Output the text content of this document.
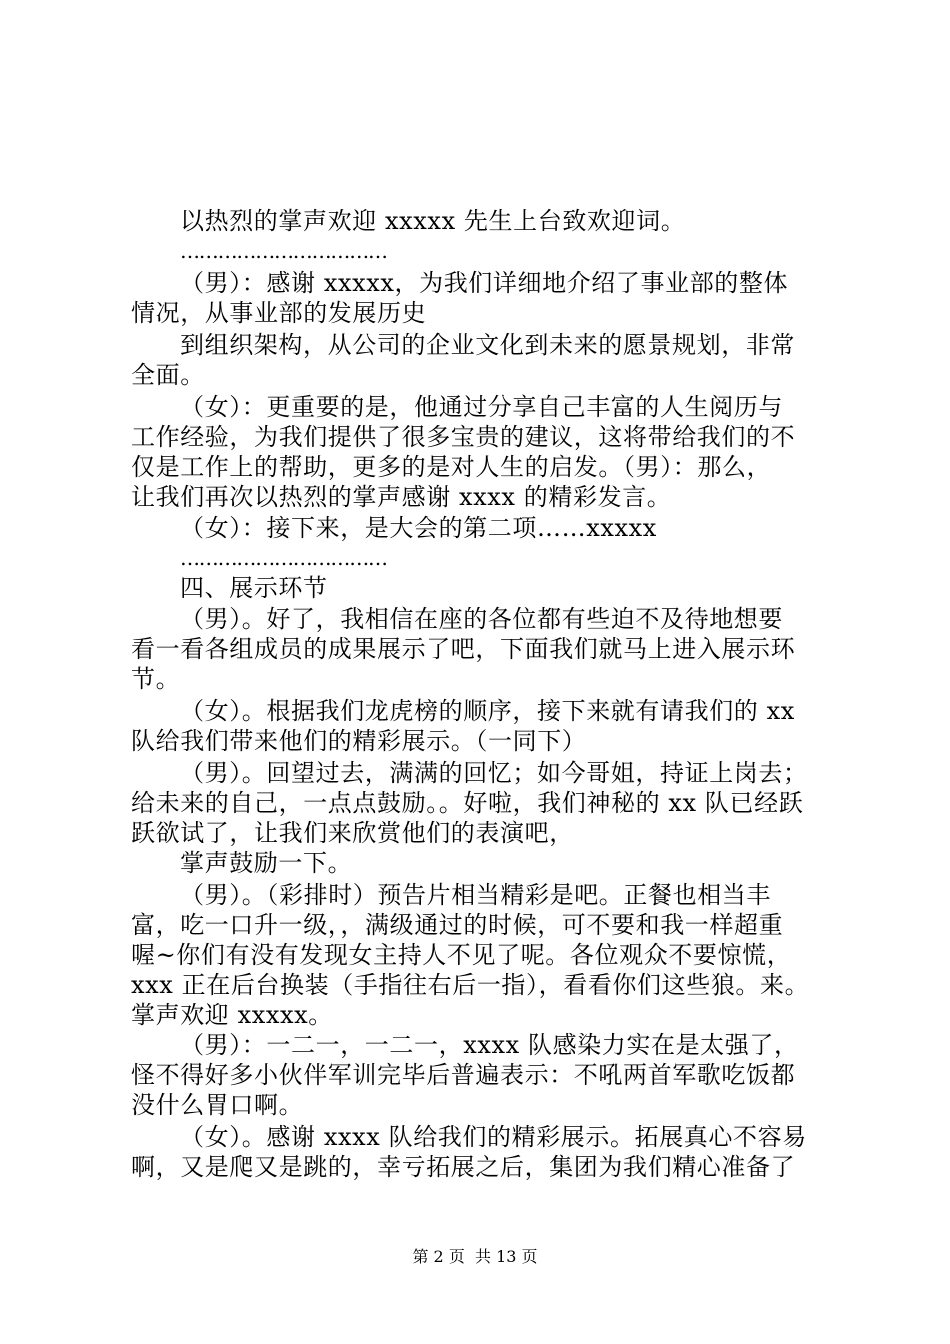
以热烈的掌声欢迎 xxxxx 先生上台致欢迎词。
……………………………
（男）：感谢 xxxxx，为我们详细地介绍了事业部的整体
情况，从事业部的发展历史
到组织架构，从公司的企业文化到未来的愿景规划，非常
全面。
（女）：更重要的是，他通过分享自己丰富的人生阅历与
工作经验，为我们提供了很多宝贵的建议，这将带给我们的不
仅是工作上的帮助，更多的是对人生的启发。（男）：那么，
让我们再次以热烈的掌声感谢 xxxx 的精彩发言。
（女）：接下来，是大会的第二项……xxxxx
……………………………
四、展示环节
（男）。好了，我相信在座的各位都有些迫不及待地想要
看一看各组成员的成果展示了吧，下面我们就马上进入展示环
节。
（女）。根据我们龙虎榜的顺序，接下来就有请我们的 xx
队给我们带来他们的精彩展示。（一同下）
（男）。回望过去，满满的回忆；如今哥姐，持证上岗去；
给未来的自己，一点点鼓励。。好啦，我们神秘的 xx 队已经跃
跃欲试了，让我们来欣赏他们的表演吧，
掌声鼓励一下。
（男）。（彩排时）预告片相当精彩是吧。正餐也相当丰
富，吃一口升一级，，满级通过的时候，可不要和我一样超重
喔~你们有没有发现女主持人不见了呢。各位观众不要惊慌，
xxx 正在后台换装（手指往右后一指），看看你们这些狼。来。
掌声欢迎 xxxxx。
（男）：一二一，一二一，xxxx 队感染力实在是太强了，
怪不得好多小伙伴军训完毕后普遍表示：不吼两首军歌吃饭都
没什么胃口啊。
（女）。感谢 xxxx 队给我们的精彩展示。拓展真心不容易
啊，又是爬又是跳的，幸亏拓展之后，集团为我们精心准备了
第 2 页  共 13 页
